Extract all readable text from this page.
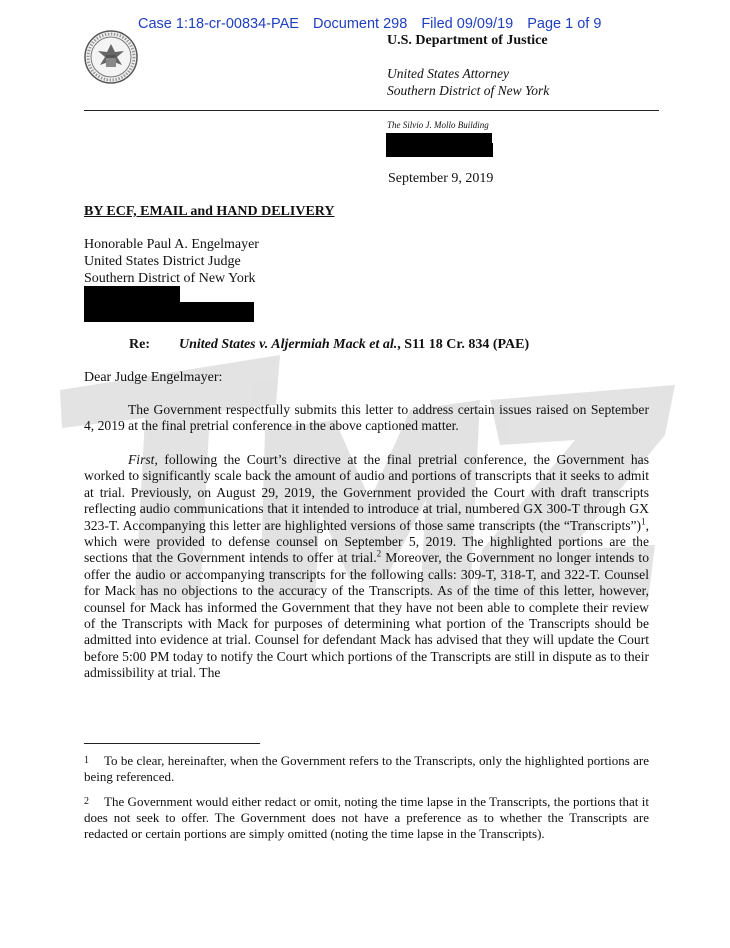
Case 1:18-cr-00834-PAE Document 298 Filed 09/09/19 Page 1 of 9
U.S. Department of Justice
United States Attorney
Southern District of New York
The Silvio J. Mollo Building
September 9, 2019
BY ECF, EMAIL and HAND DELIVERY
Honorable Paul A. Engelmayer
United States District Judge
Southern District of New York
Re: United States v. Aljermiah Mack et al., S11 18 Cr. 834 (PAE)
Dear Judge Engelmayer:
The Government respectfully submits this letter to address certain issues raised on September 4, 2019 at the final pretrial conference in the above captioned matter.
First, following the Court’s directive at the final pretrial conference, the Government has worked to significantly scale back the amount of audio and portions of transcripts that it seeks to admit at trial. Previously, on August 29, 2019, the Government provided the Court with draft transcripts reflecting audio communications that it intended to introduce at trial, numbered GX 300-T through GX 323-T. Accompanying this letter are highlighted versions of those same transcripts (the “Transcripts”)$^1$, which were provided to defense counsel on September 5, 2019. The highlighted portions are the sections that the Government intends to offer at trial.$^2$ Moreover, the Government no longer intends to offer the audio or accompanying transcripts for the following calls: 309-T, 318-T, and 322-T. Counsel for Mack has no objections to the accuracy of the Transcripts. As of the time of this letter, however, counsel for Mack has informed the Government that they have not been able to complete their review of the Transcripts with Mack for purposes of determining what portion of the Transcripts should be admitted into evidence at trial. Counsel for defendant Mack has advised that they will update the Court before 5:00 PM today to notify the Court which portions of the Transcripts are still in dispute as to their admissibility at trial. The
1 To be clear, hereinafter, when the Government refers to the Transcripts, only the highlighted portions are being referenced.
2 The Government would either redact or omit, noting the time lapse in the Transcripts, the portions that it does not seek to offer. The Government does not have a preference as to whether the Transcripts are redacted or certain portions are simply omitted (noting the time lapse in the Transcripts).
